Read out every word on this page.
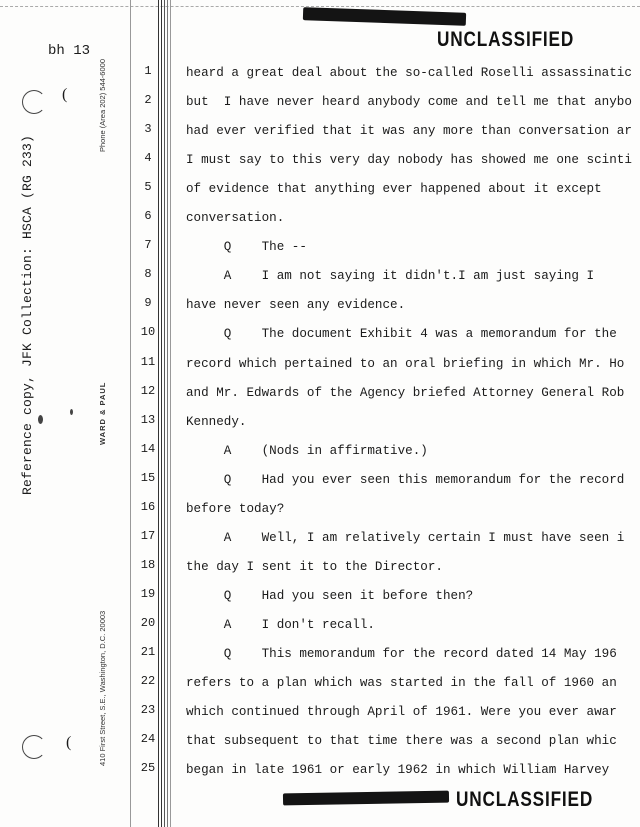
bh 13
(
(
Reference copy, JFK Collection: HSCA (RG 233)
Phone (Area 202) 544-6000
WARD & PAUL
410 First Street, S.E., Washington, D.C. 20003
UNCLASSIFIED
UNCLASSIFIED
1
2
3
4
5
6
7
8
9
10
11
12
13
14
15
16
17
18
19
20
21
22
23
24
25
heard a great deal about the so-called Roselli assassinatic
but  I have never heard anybody come and tell me that anybo
had ever verified that it was any more than conversation ar
I must say to this very day nobody has showed me one scinti
of evidence that anything ever happened about it except
conversation.
Q    The --
A    I am not saying it didn't.I am just saying I
have never seen any evidence.
Q    The document Exhibit 4 was a memorandum for the
record which pertained to an oral briefing in which Mr. Ho
and Mr. Edwards of the Agency briefed Attorney General Rob
Kennedy.
A    (Nods in affirmative.)
Q    Had you ever seen this memorandum for the record
before today?
A    Well, I am relatively certain I must have seen i
the day I sent it to the Director.
Q    Had you seen it before then?
A    I don't recall.
Q    This memorandum for the record dated 14 May 196
refers to a plan which was started in the fall of 1960 an
which continued through April of 1961. Were you ever awar
that subsequent to that time there was a second plan whic
began in late 1961 or early 1962 in which William Harvey
